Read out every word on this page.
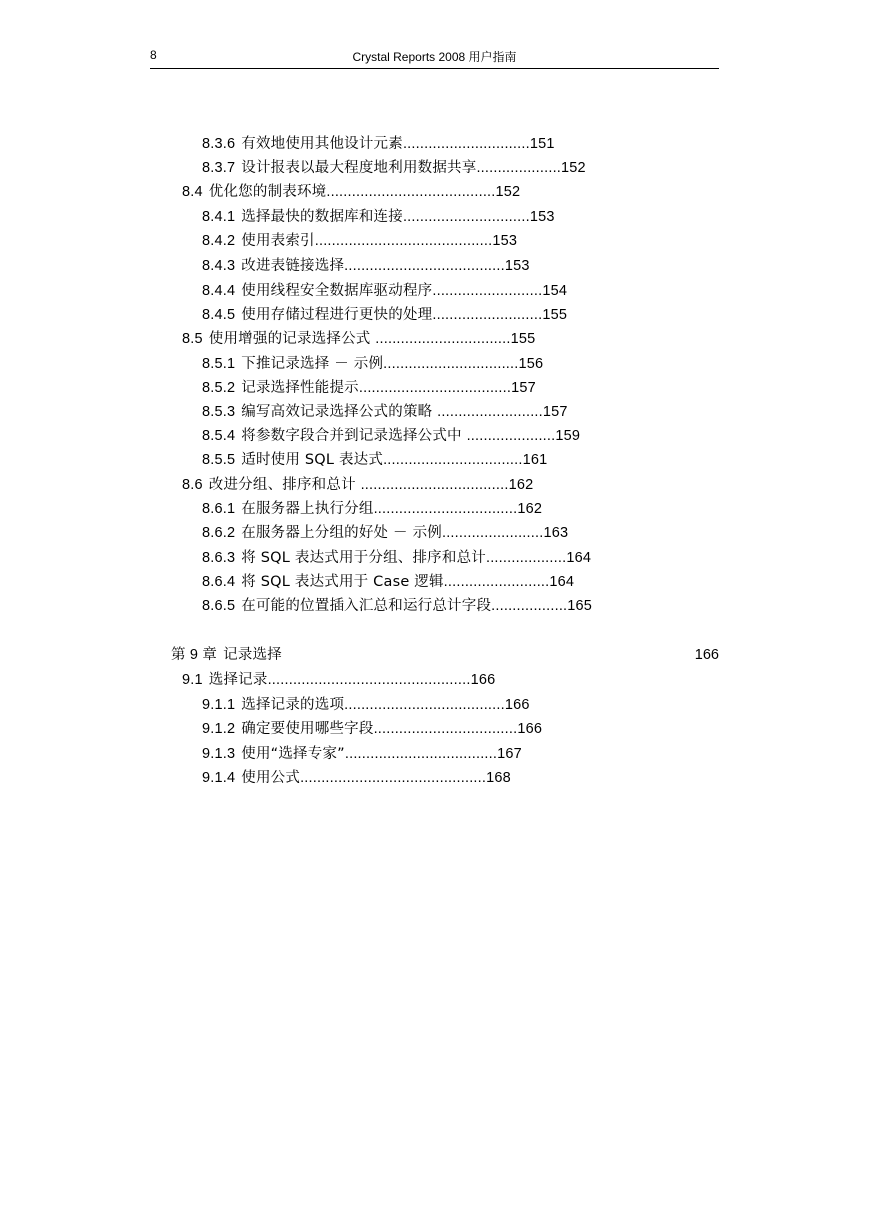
8	Crystal Reports 2008 用户指南
8.3.6 有效地使用其他设计元素..............................151
8.3.7 设计报表以最大程度地利用数据共享....................152
8.4 优化您的制表环境........................................152
8.4.1 选择最快的数据库和连接..............................153
8.4.2 使用表索引..........................................153
8.4.3 改进表链接选择......................................153
8.4.4 使用线程安全数据库驱动程序..........................154
8.4.5 使用存储过程进行更快的处理..........................155
8.5 使用增强的记录选择公式 ................................155
8.5.1 下推记录选择 － 示例................................156
8.5.2 记录选择性能提示....................................157
8.5.3 编写高效记录选择公式的策略 .........................157
8.5.4 将参数字段合并到记录选择公式中 .....................159
8.5.5 适时使用 SQL 表达式.................................161
8.6 改进分组、排序和总计 ...................................162
8.6.1 在服务器上执行分组..................................162
8.6.2 在服务器上分组的好处 － 示例........................163
8.6.3 将 SQL 表达式用于分组、排序和总计...................164
8.6.4 将 SQL 表达式用于 Case 逻辑.........................164
8.6.5 在可能的位置插入汇总和运行总计字段..................165
第 9 章 记录选择	166
9.1 选择记录................................................166
9.1.1 选择记录的选项......................................166
9.1.2 确定要使用哪些字段..................................166
9.1.3 使用“选择专家”....................................167
9.1.4 使用公式............................................168
